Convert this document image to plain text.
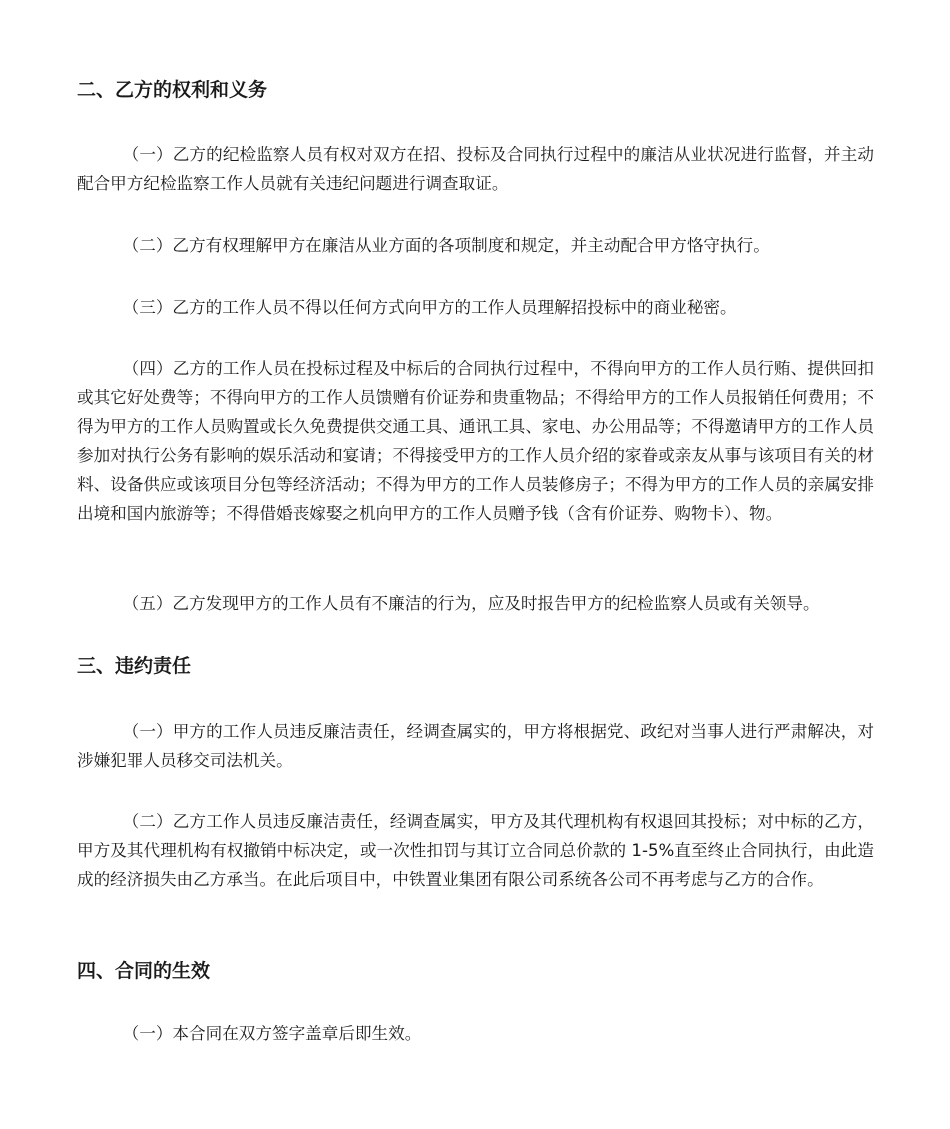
二、乙方的权利和义务

（一）乙方的纪检监察人员有权对双方在招、投标及合同执行过程中的廉洁从业状况进行监督，并主动配合甲方纪检监察工作人员就有关违纪问题进行调查取证。

（二）乙方有权理解甲方在廉洁从业方面的各项制度和规定，并主动配合甲方恪守执行。

（三）乙方的工作人员不得以任何方式向甲方的工作人员理解招投标中的商业秘密。

（四）乙方的工作人员在投标过程及中标后的合同执行过程中，不得向甲方的工作人员行贿、提供回扣或其它好处费等；不得向甲方的工作人员馈赠有价证券和贵重物品；不得给甲方的工作人员报销任何费用；不得为甲方的工作人员购置或长久免费提供交通工具、通讯工具、家电、办公用品等；不得邀请甲方的工作人员参加对执行公务有影响的娱乐活动和宴请；不得接受甲方的工作人员介绍的家眷或亲友从事与该项目有关的材料、设备供应或该项目分包等经济活动；不得为甲方的工作人员装修房子；不得为甲方的工作人员的亲属安排出境和国内旅游等；不得借婚丧嫁娶之机向甲方的工作人员赠予钱（含有价证券、购物卡）、物。

（五）乙方发现甲方的工作人员有不廉洁的行为，应及时报告甲方的纪检监察人员或有关领导。

三、违约责任

（一）甲方的工作人员违反廉洁责任，经调查属实的，甲方将根据党、政纪对当事人进行严肃解决，对涉嫌犯罪人员移交司法机关。

（二）乙方工作人员违反廉洁责任，经调查属实，甲方及其代理机构有权退回其投标；对中标的乙方，甲方及其代理机构有权撤销中标决定，或一次性扣罚与其订立合同总价款的 1-5%直至终止合同执行，由此造成的经济损失由乙方承当。在此后项目中，中铁置业集团有限公司系统各公司不再考虑与乙方的合作。

四、合同的生效

（一）本合同在双方签字盖章后即生效。
